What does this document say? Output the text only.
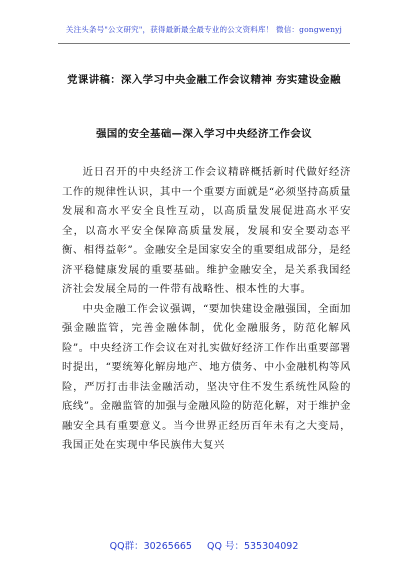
关注头条号"公文研究"，获得最新最全最专业的公文资料库！ 微信：gongwenyj
党课讲稿：深入学习中央金融工作会议精神 夯实建设金融
强国的安全基础—深入学习中央经济工作会议

近日召开的中央经济工作会议精辟概括新时代做好经济工作的规律性认识，其中一个重要方面就是“必须坚持高质量发展和高水平安全良性互动，以高质量发展促进高水平安全，以高水平安全保障高质量发展，发展和安全要动态平衡、相得益彰”。金融安全是国家安全的重要组成部分，是经济平稳健康发展的重要基础。维护金融安全，是关系我国经济社会发展全局的一件带有战略性、根本性的大事。

中央金融工作会议强调，“要加快建设金融强国，全面加强金融监管，完善金融体制，优化金融服务，防范化解风险”。中央经济工作会议在对扎实做好经济工作作出重要部署时提出，“要统筹化解房地产、地方债务、中小金融机构等风险，严厉打击非法金融活动，坚决守住不发生系统性风险的底线”。金融监管的加强与金融风险的防范化解，对于维护金融安全具有重要意义。当今世界正经历百年未有之大变局，我国正处在实现中华民族伟大复兴

QQ群：30265665 QQ 号：535304092
